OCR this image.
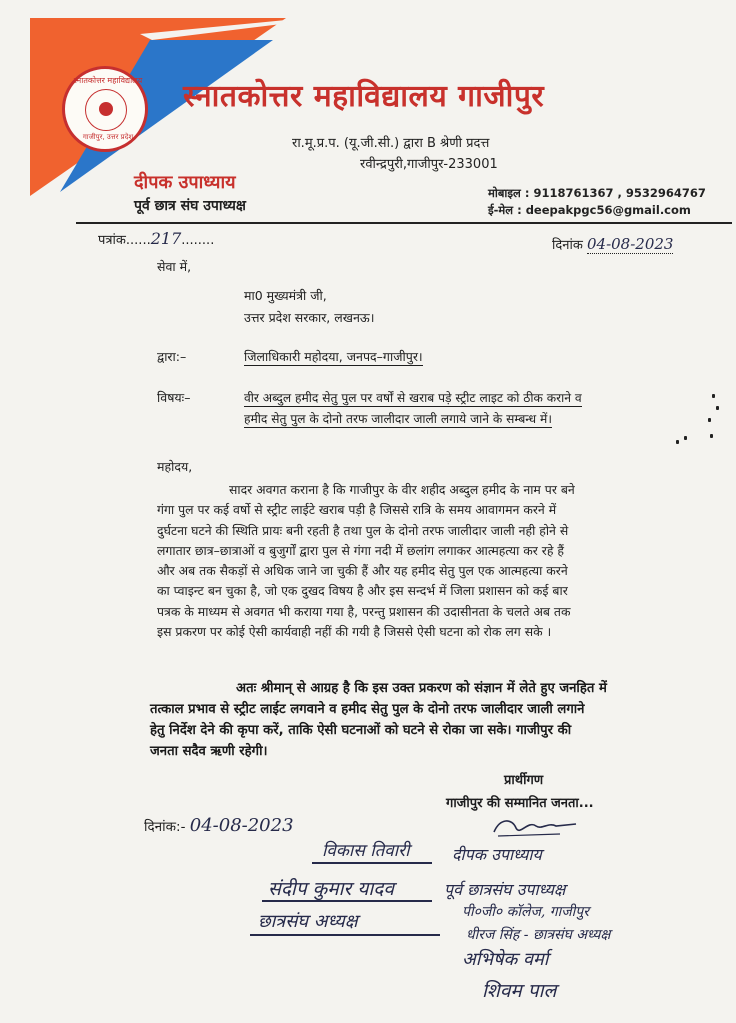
स्नातकोत्तर महाविद्यालय
गाजीपुर, उत्तर प्रदेश
स्नातकोत्तर महाविद्यालय गाजीपुर
रा.मू.प्र.प. (यू.जी.सी.) द्वारा B श्रेणी प्रदत्त
रवीन्द्रपुरी,गाजीपुर-233001
दीपक उपाध्याय
पूर्व छात्र संघ उपाध्यक्ष
मोबाइल : 9118761367 , 9532964767
ई-मेल : deepakpgc56@gmail.com
पत्रांक......217........	दिनांक 04-08-2023
सेवा में,
मा0 मुख्यमंत्री जी,
उत्तर प्रदेश सरकार, लखनऊ।
द्वारा:–	जिलाधिकारी महोदया, जनपद–गाजीपुर।
विषयः–	वीर अब्दुल हमीद सेतु पुल पर वर्षों से खराब पड़े स्ट्रीट लाइट को ठीक कराने व
हमीद सेतु पुल के दोनो तरफ जालीदार जाली लगाये जाने के सम्बन्ध में।
महोदय,
सादर अवगत कराना है कि गाजीपुर के वीर शहीद अब्दुल हमीद के नाम पर बने
गंगा पुल पर कई वर्षो से स्ट्रीट लाईटे खराब पड़ी है जिससे रात्रि के समय आवागमन करने में
दुर्घटना घटने की स्थिति प्रायः बनी रहती है तथा पुल के दोनो तरफ जालीदार जाली नही होने से
लगातार छात्र–छात्राओं व बुजुर्गों द्वारा पुल से गंगा नदी में छलांग लगाकर आत्महत्या कर रहे हैं
और अब तक सैकड़ों से अधिक जाने जा चुकी हैं और यह हमीद सेतु पुल एक आत्महत्या करने
का प्वाइन्ट बन चुका है, जो एक दुखद विषय है और इस सन्दर्भ में जिला प्रशासन को कई बार
पत्रक के माध्यम से अवगत भी कराया गया है, परन्तु प्रशासन की उदासीनता के चलते अब तक
इस प्रकरण पर कोई ऐसी कार्यवाही नहीं की गयी है जिससे ऐसी घटना को रोक लग सके ।
अतः श्रीमान् से आग्रह है कि इस उक्त प्रकरण को संज्ञान में लेते हुए जनहित में
तत्काल प्रभाव से स्ट्रीट लाईट लगवाने व हमीद सेतु पुल के दोनो तरफ जालीदार जाली लगाने
हेतु निर्देश देने की कृपा करें, ताकि ऐसी घटनाओं को घटने से रोका जा सके। गाजीपुर की
जनता सदैव ऋणी रहेगी।
प्रार्थीगण
गाजीपुर की सम्मानित जनता...
दिनांक:- 04-08-2023
विकास तिवारी	दीपक उपाध्याय
संदीप कुमार यादव	पूर्व छात्रसंघ उपाध्यक्ष
छात्रसंघ अध्यक्ष	पी०जी० कॉलेज, गाजीपुर
धीरज सिंह - छात्रसंघ अध्यक्ष
अभिषेक वर्मा
शिवम पाल
